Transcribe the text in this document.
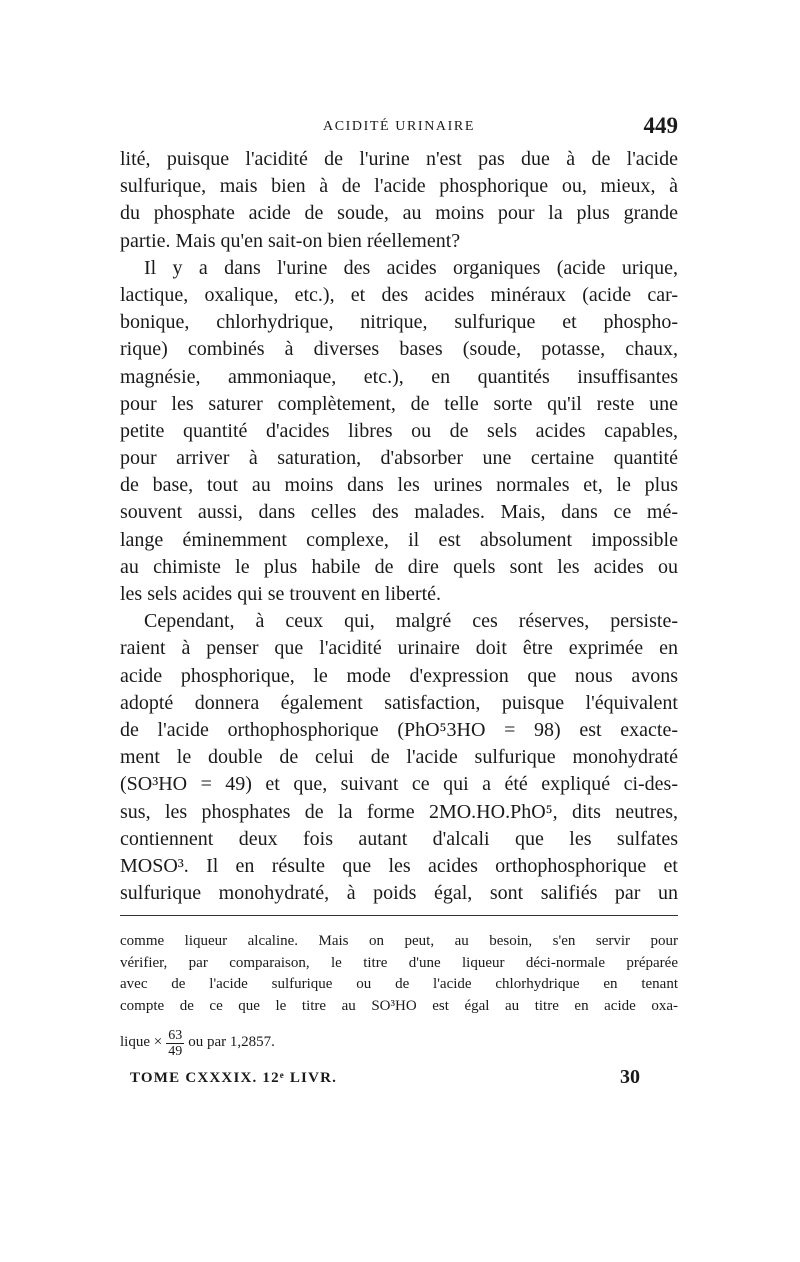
ACIDITÉ URINAIRE	449
lité, puisque l'acidité de l'urine n'est pas due à de l'acide
sulfurique, mais bien à de l'acide phosphorique ou, mieux, à
du phosphate acide de soude, au moins pour la plus grande
partie. Mais qu'en sait-on bien réellement?
Il y a dans l'urine des acides organiques (acide urique,
lactique, oxalique, etc.), et des acides minéraux (acide car-
bonique, chlorhydrique, nitrique, sulfurique et phospho-
rique) combinés à diverses bases (soude, potasse, chaux,
magnésie, ammoniaque, etc.), en quantités insuffisantes
pour les saturer complètement, de telle sorte qu'il reste une
petite quantité d'acides libres ou de sels acides capables,
pour arriver à saturation, d'absorber une certaine quantité
de base, tout au moins dans les urines normales et, le plus
souvent aussi, dans celles des malades. Mais, dans ce mé-
lange éminemment complexe, il est absolument impossible
au chimiste le plus habile de dire quels sont les acides ou
les sels acides qui se trouvent en liberté.
Cependant, à ceux qui, malgré ces réserves, persiste-
raient à penser que l'acidité urinaire doit être exprimée en
acide phosphorique, le mode d'expression que nous avons
adopté donnera également satisfaction, puisque l'équivalent
de l'acide orthophosphorique (PhO⁵3HO = 98) est exacte-
ment le double de celui de l'acide sulfurique monohydraté
(SO³HO = 49) et que, suivant ce qui a été expliqué ci-des-
sus, les phosphates de la forme 2MO.HO.PhO⁵, dits neutres,
contiennent deux fois autant d'alcali que les sulfates
MOSO³. Il en résulte que les acides orthophosphorique et
sulfurique monohydraté, à poids égal, sont salifiés par un
comme liqueur alcaline. Mais on peut, au besoin, s'en servir pour
vérifier, par comparaison, le titre d'une liqueur déci-normale préparée
avec de l'acide sulfurique ou de l'acide chlorhydrique en tenant
compte de ce que le titre au SO³HO est égal au titre en acide oxa-
lique × $\frac{63}{49}$ ou par 1,2857.
TOME CXXXIX. 12ᵉ LIVR.	30
